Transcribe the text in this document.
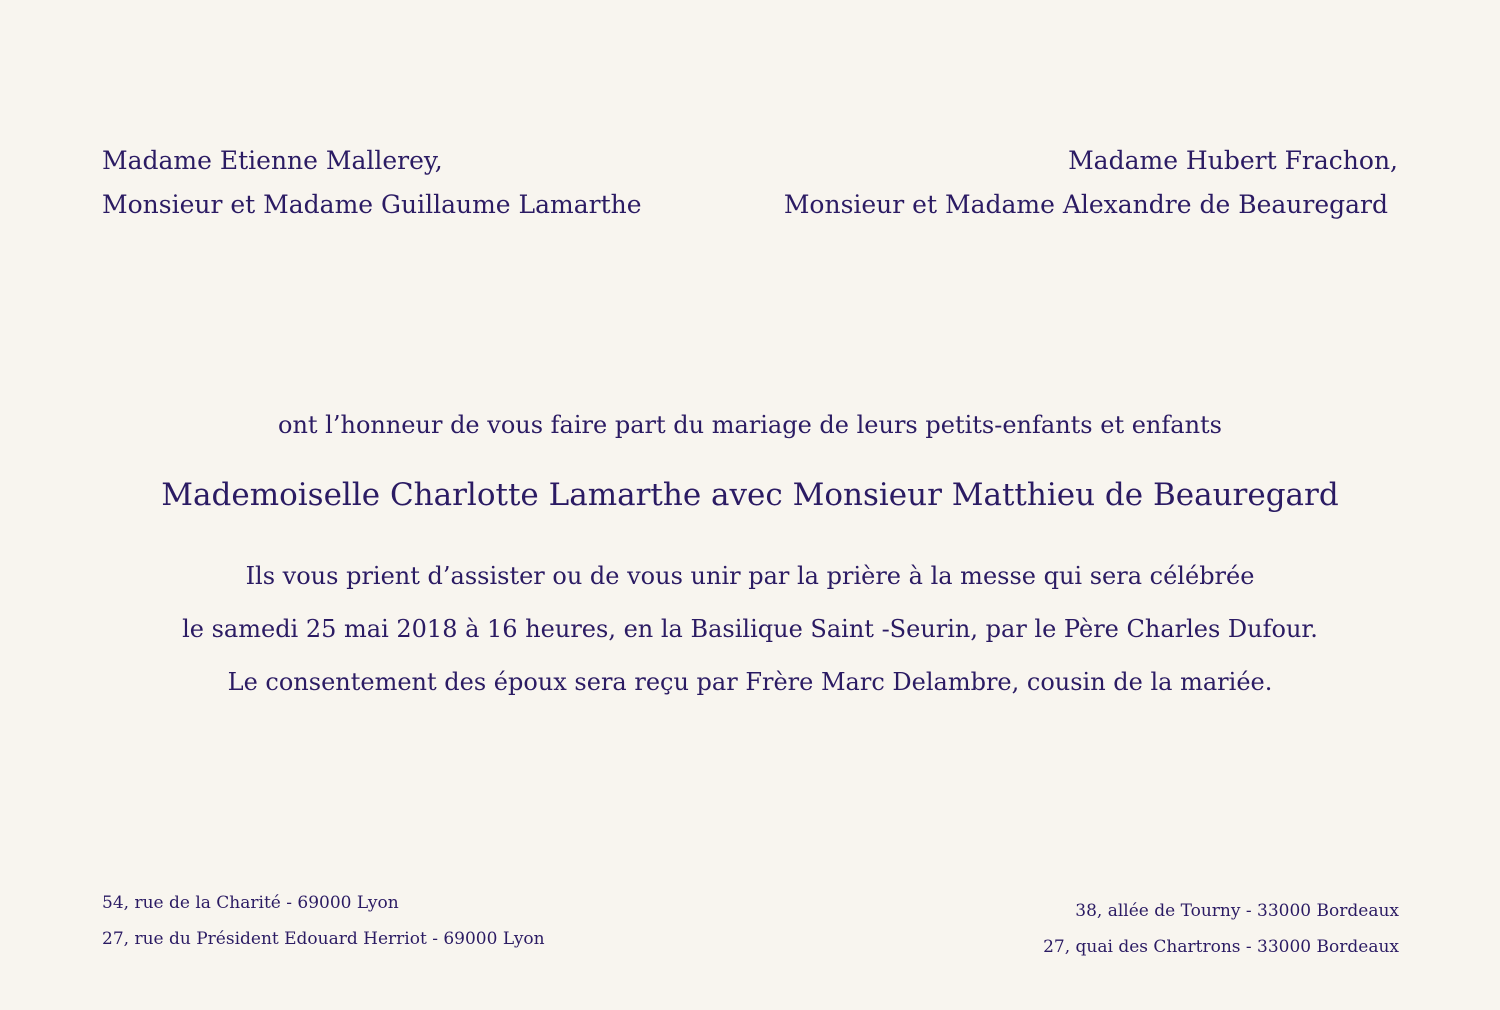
Madame Etienne Mallerey,
Monsieur et Madame Guillaume Lamarthe
Madame Hubert Frachon,
Monsieur et Madame Alexandre de Beauregard
ont l’honneur de vous faire part du mariage de leurs petits-enfants et enfants
Mademoiselle Charlotte Lamarthe avec Monsieur Matthieu de Beauregard
Ils vous prient d’assister ou de vous unir par la prière à la messe qui sera célébrée
le samedi 25 mai 2018 à 16 heures, en la Basilique Saint -Seurin, par le Père Charles Dufour.
Le consentement des époux sera reçu par Frère Marc Delambre, cousin de la mariée.
54, rue de la Charité - 69000 Lyon
27, rue du Président Edouard Herriot - 69000 Lyon
38, allée de Tourny - 33000 Bordeaux
27, quai des Chartrons - 33000 Bordeaux
